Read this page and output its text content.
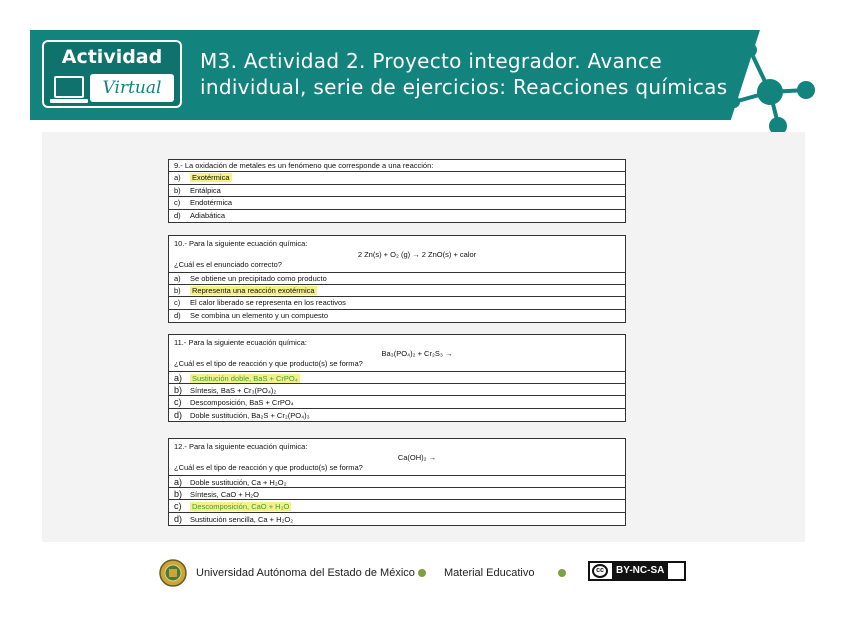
Actividad
Virtual
M3. Actividad 2. Proyecto integrador. Avance
individual, serie de ejercicios: Reacciones químicas
9.- La oxidación de metales es un fenómeno que corresponde a una reacción:
a) Exotérmica
b) Entálpica
c) Endotérmica
d) Adiabática
10.- Para la siguiente ecuación química:
2 Zn(s) + O₂ (g) → 2 ZnO(s) + calor
¿Cuál es el enunciado correcto?
a) Se obtiene un precipitado como producto
b) Representa una reacción exotérmica
c) El calor liberado se representa en los reactivos
d) Se combina un elemento y un compuesto
11.- Para la siguiente ecuación química:
Ba₃(PO₄)₂ + Cr₂S₃ →
¿Cuál es el tipo de reacción y que producto(s) se forma?
a) Sustitución doble, BaS + CrPO₄
b) Síntesis, BaS + Cr₃(PO₄)₂
c) Descomposición, BaS + CrPO₄
d) Doble sustitución, Ba₂S + Cr₂(PO₄)₃
12.- Para la siguiente ecuación química:
Ca(OH)₂ →
¿Cuál es el tipo de reacción y que producto(s) se forma?
a) Doble sustitución, Ca + H₂O₂
b) Síntesis, CaO + H₂O
c) Descomposición, CaO + H₂O
d) Sustitución sencilla, Ca + H₂O₂
Universidad Autónoma del Estado de México	Material Educativo	cc	BY-NC-SA
